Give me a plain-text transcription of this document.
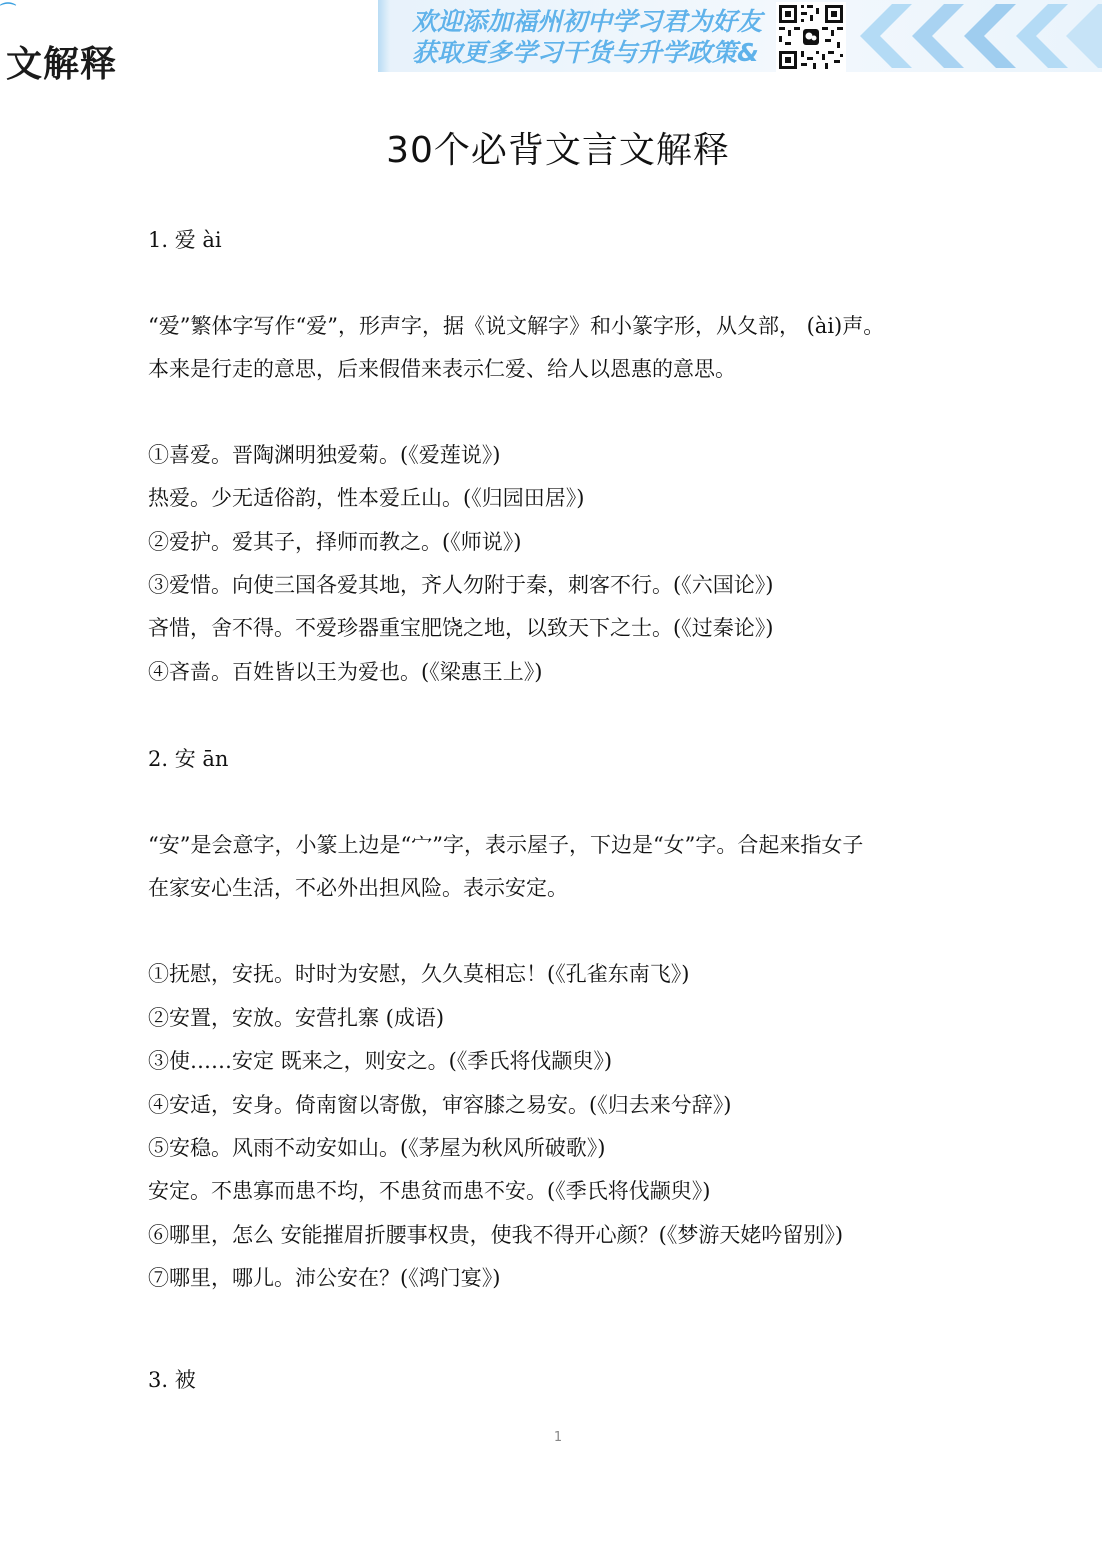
⌒
文解释
欢迎添加福州初中学习君为好友
获取更多学习干货与升学政策&
30个必背文言文解释
1. 爱 ài
“爱”繁体字写作“爱”，形声字，据《说文解字》和小篆字形，从夂部， (ài)声。
本来是行走的意思，后来假借来表示仁爱、给人以恩惠的意思。
①喜爱。晋陶渊明独爱菊。(《爱莲说》)
热爱。少无适俗韵，性本爱丘山。(《归园田居》)
②爱护。爱其子，择师而教之。(《师说》)
③爱惜。向使三国各爱其地，齐人勿附于秦，刺客不行。(《六国论》)
吝惜，舍不得。不爱珍器重宝肥饶之地，以致天下之士。(《过秦论》)
④吝啬。百姓皆以王为爱也。(《梁惠王上》)
2. 安 ān
“安”是会意字，小篆上边是“宀”字，表示屋子，下边是“女”字。合起来指女子
在家安心生活，不必外出担风险。表示安定。
①抚慰，安抚。时时为安慰，久久莫相忘！(《孔雀东南飞》)
②安置，安放。安营扎寨 (成语)
③使……安定 既来之，则安之。(《季氏将伐颛臾》)
④安适，安身。倚南窗以寄傲，审容膝之易安。(《归去来兮辞》)
⑤安稳。风雨不动安如山。(《茅屋为秋风所破歌》)
安定。不患寡而患不均，不患贫而患不安。(《季氏将伐颛臾》)
⑥哪里，怎么 安能摧眉折腰事权贵，使我不得开心颜？(《梦游天姥吟留别》)
⑦哪里，哪儿。沛公安在？(《鸿门宴》)
3. 被
1
